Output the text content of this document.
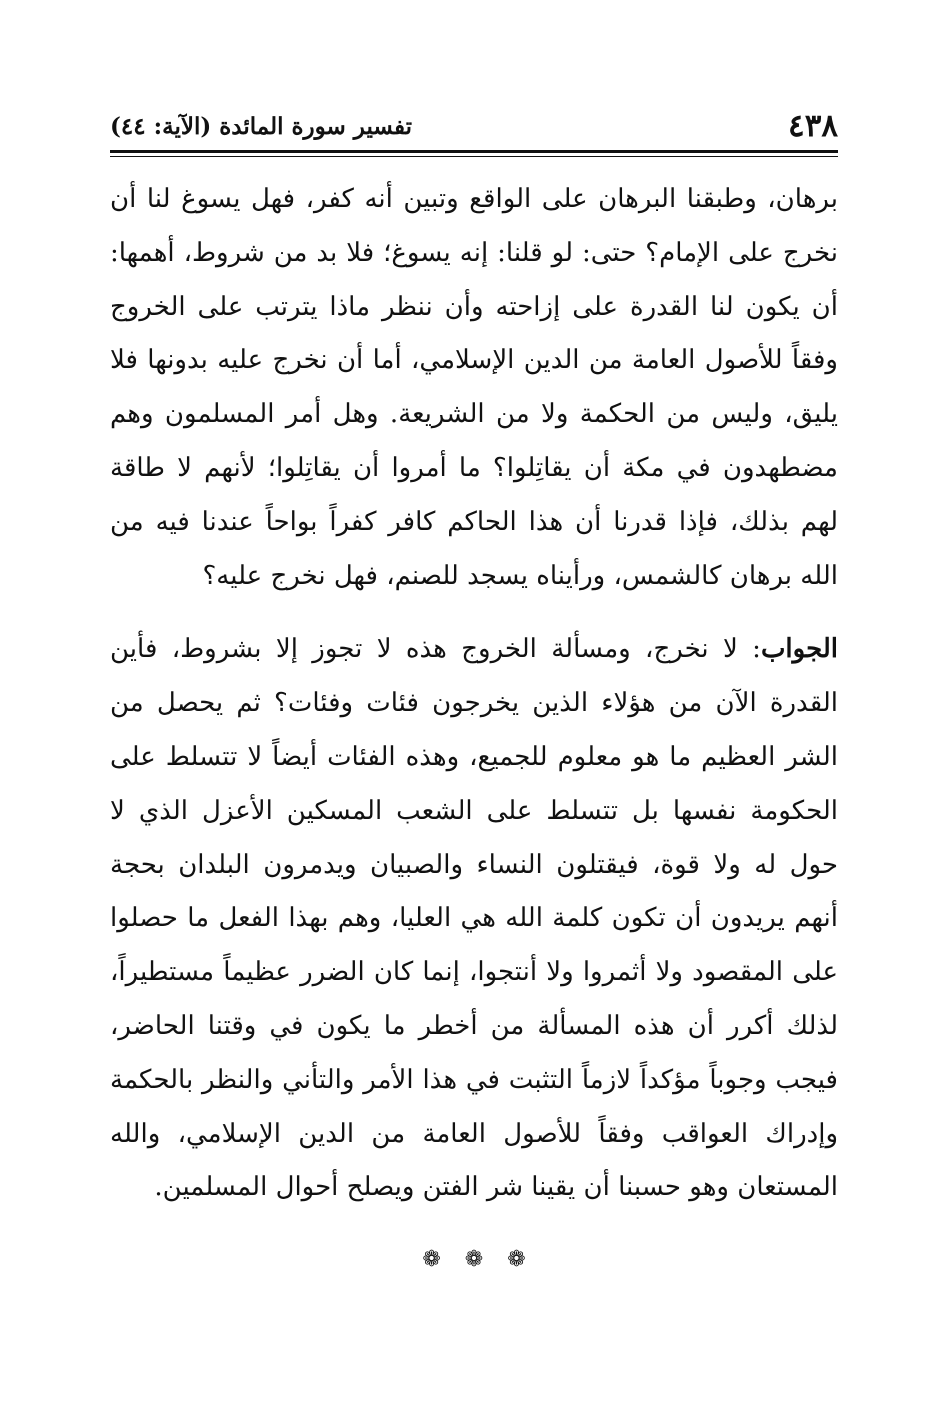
٤٣٨
تفسير سورة المائدة (الآية: ٤٤)

برهان، وطبقنا البرهان على الواقع وتبين أنه كفر، فهل يسوغ لنا أن نخرج على الإمام؟ حتى: لو قلنا: إنه يسوغ؛ فلا بد من شروط، أهمها: أن يكون لنا القدرة على إزاحته وأن ننظر ماذا يترتب على الخروج وفقاً للأصول العامة من الدين الإسلامي، أما أن نخرج عليه بدونها فلا يليق، وليس من الحكمة ولا من الشريعة. وهل أمر المسلمون وهم مضطهدون في مكة أن يقاتِلوا؟ ما أمروا أن يقاتِلوا؛ لأنهم لا طاقة لهم بذلك، فإذا قدرنا أن هذا الحاكم كافر كفراً بواحاً عندنا فيه من الله برهان كالشمس، ورأيناه يسجد للصنم، فهل نخرج عليه؟

الجواب: لا نخرج، ومسألة الخروج هذه لا تجوز إلا بشروط، فأين القدرة الآن من هؤلاء الذين يخرجون فئات وفئات؟ ثم يحصل من الشر العظيم ما هو معلوم للجميع، وهذه الفئات أيضاً لا تتسلط على الحكومة نفسها بل تتسلط على الشعب المسكين الأعزل الذي لا حول له ولا قوة، فيقتلون النساء والصبيان ويدمرون البلدان بحجة أنهم يريدون أن تكون كلمة الله هي العليا، وهم بهذا الفعل ما حصلوا على المقصود ولا أثمروا ولا أنتجوا، إنما كان الضرر عظيماً مستطيراً، لذلك أكرر أن هذه المسألة من أخطر ما يكون في وقتنا الحاضر، فيجب وجوباً مؤكداً لازماً التثبت في هذا الأمر والتأني والنظر بالحكمة وإدراك العواقب وفقاً للأصول العامة من الدين الإسلامي، والله المستعان وهو حسبنا أن يقينا شر الفتن ويصلح أحوال المسلمين.

❁ ❁ ❁
